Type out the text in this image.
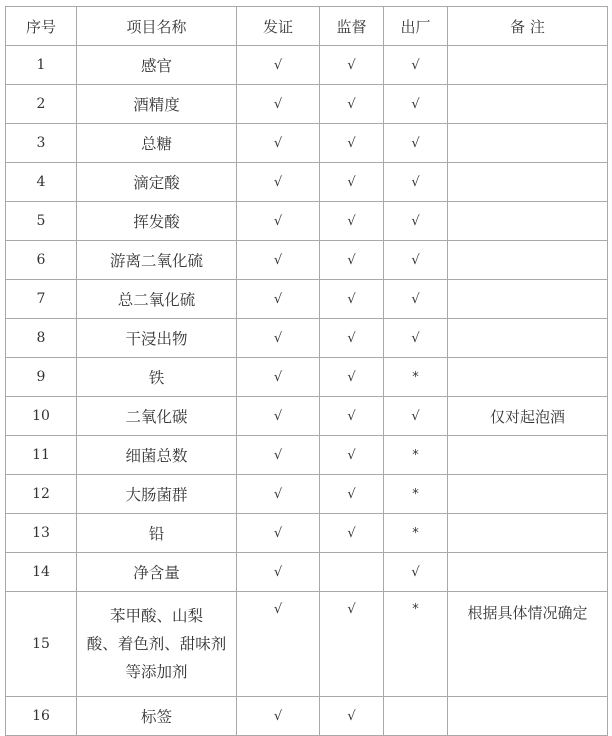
序号	项目名称	发证	监督	出厂	备 注
1	感官	√	√	√	
2	酒精度	√	√	√	
3	总糖	√	√	√	
4	滴定酸	√	√	√	
5	挥发酸	√	√	√	
6	游离二氧化硫	√	√	√	
7	总二氧化硫	√	√	√	
8	干浸出物	√	√	√	
9	铁	√	√	*	
10	二氧化碳	√	√	√	仅对起泡酒
11	细菌总数	√	√	*	
12	大肠菌群	√	√	*	
13	铅	√	√	*	
14	净含量	√		√	
15	苯甲酸、山梨
酸、着色剂、甜味剂
等添加剂	√	√	*	根据具体情况确定
16	标签	√	√		
